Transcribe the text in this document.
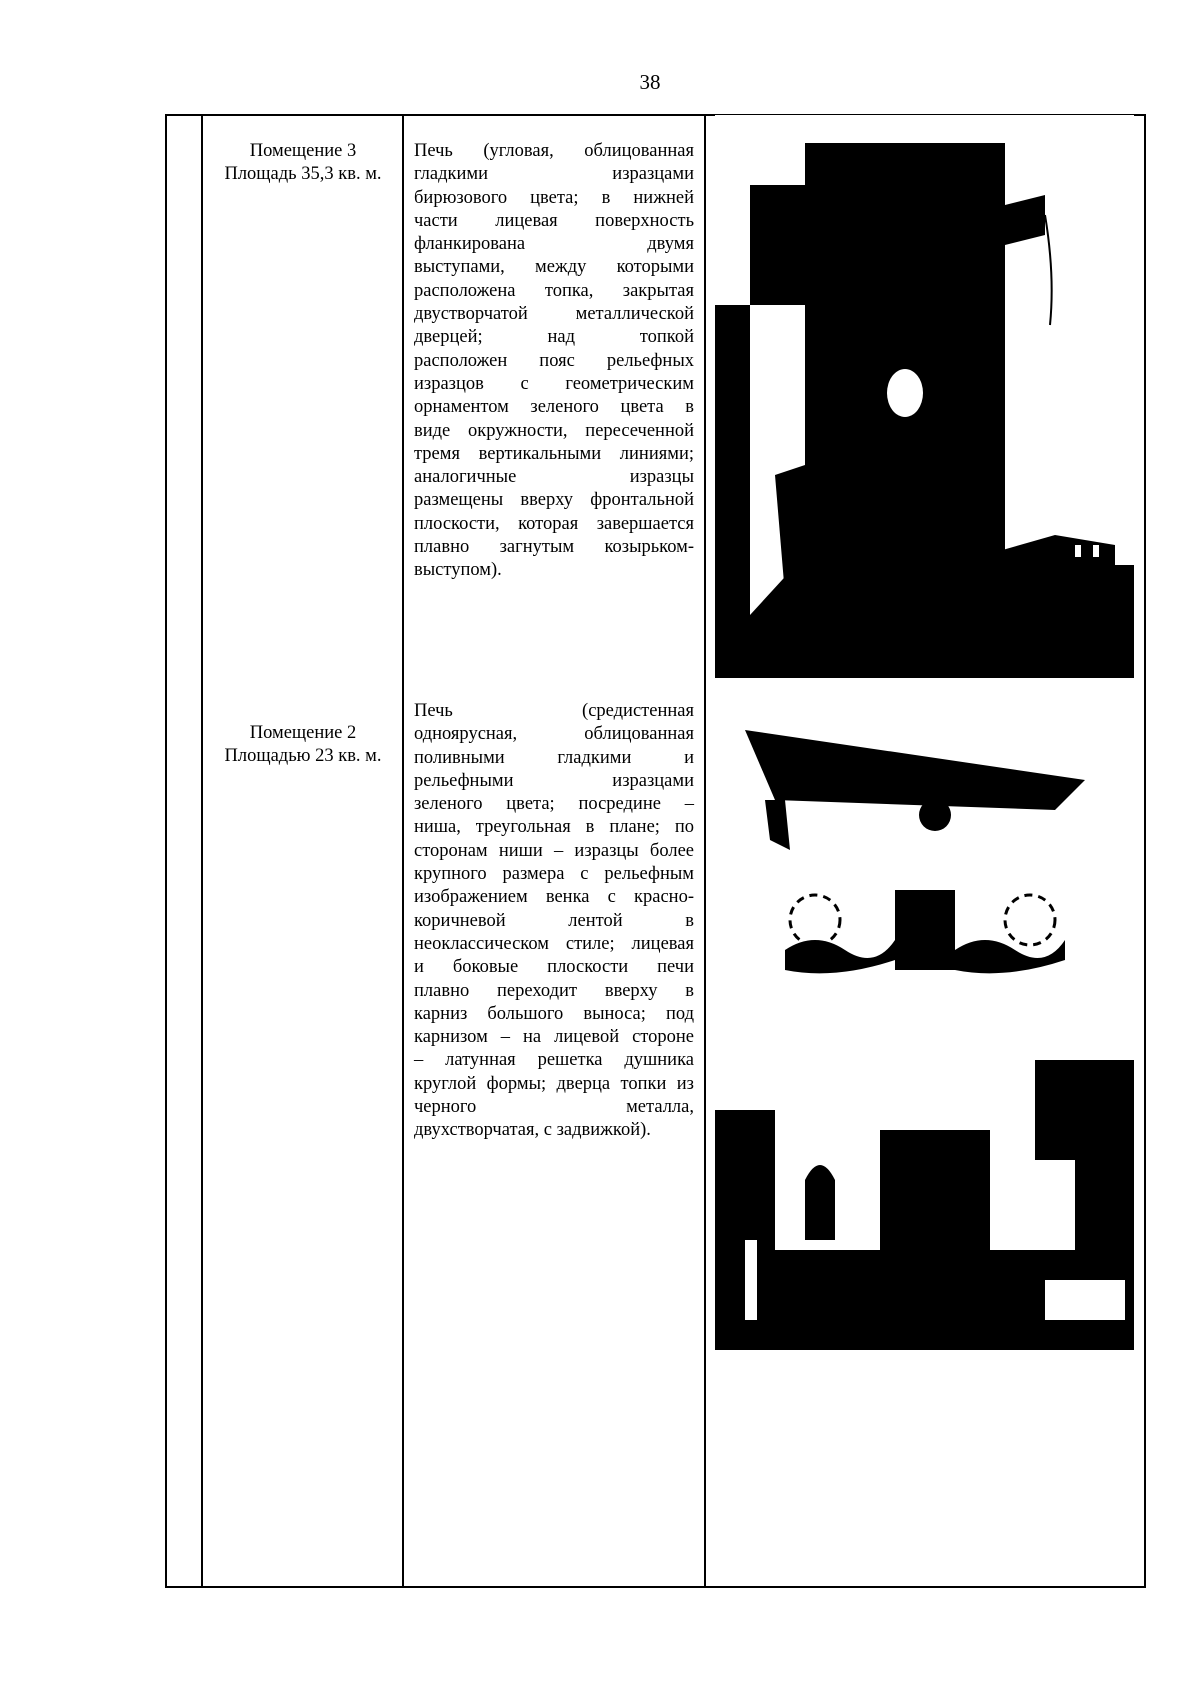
38
Помещение 3
Площадь 35,3 кв. м.
Печь (угловая, облицованная
гладкими изразцами
бирюзового цвета; в нижней
части лицевая поверхность
фланкирована двумя
выступами, между которыми
расположена топка, закрытая
двустворчатой металлической
дверцей; над топкой
расположен пояс рельефных
изразцов с геометрическим
орнаментом зеленого цвета в
виде окружности, пересеченной
тремя вертикальными линиями;
аналогичные изразцы
размещены вверху фронтальной
плоскости, которая завершается
плавно загнутым козырьком-
выступом).
Помещение 2
Площадью 23 кв. м.
Печь (средистенная
одноярусная, облицованная
поливными гладкими и
рельефными изразцами
зеленого цвета; посредине –
ниша, треугольная в плане; по
сторонам ниши – изразцы более
крупного размера с рельефным
изображением венка с красно-
коричневой лентой в
неоклассическом стиле; лицевая
и боковые плоскости печи
плавно переходит вверху в
карниз большого выноса; под
карнизом – на лицевой стороне
– латунная решетка душника
круглой формы; дверца топки из
черного металла,
двухстворчатая, с задвижкой).
